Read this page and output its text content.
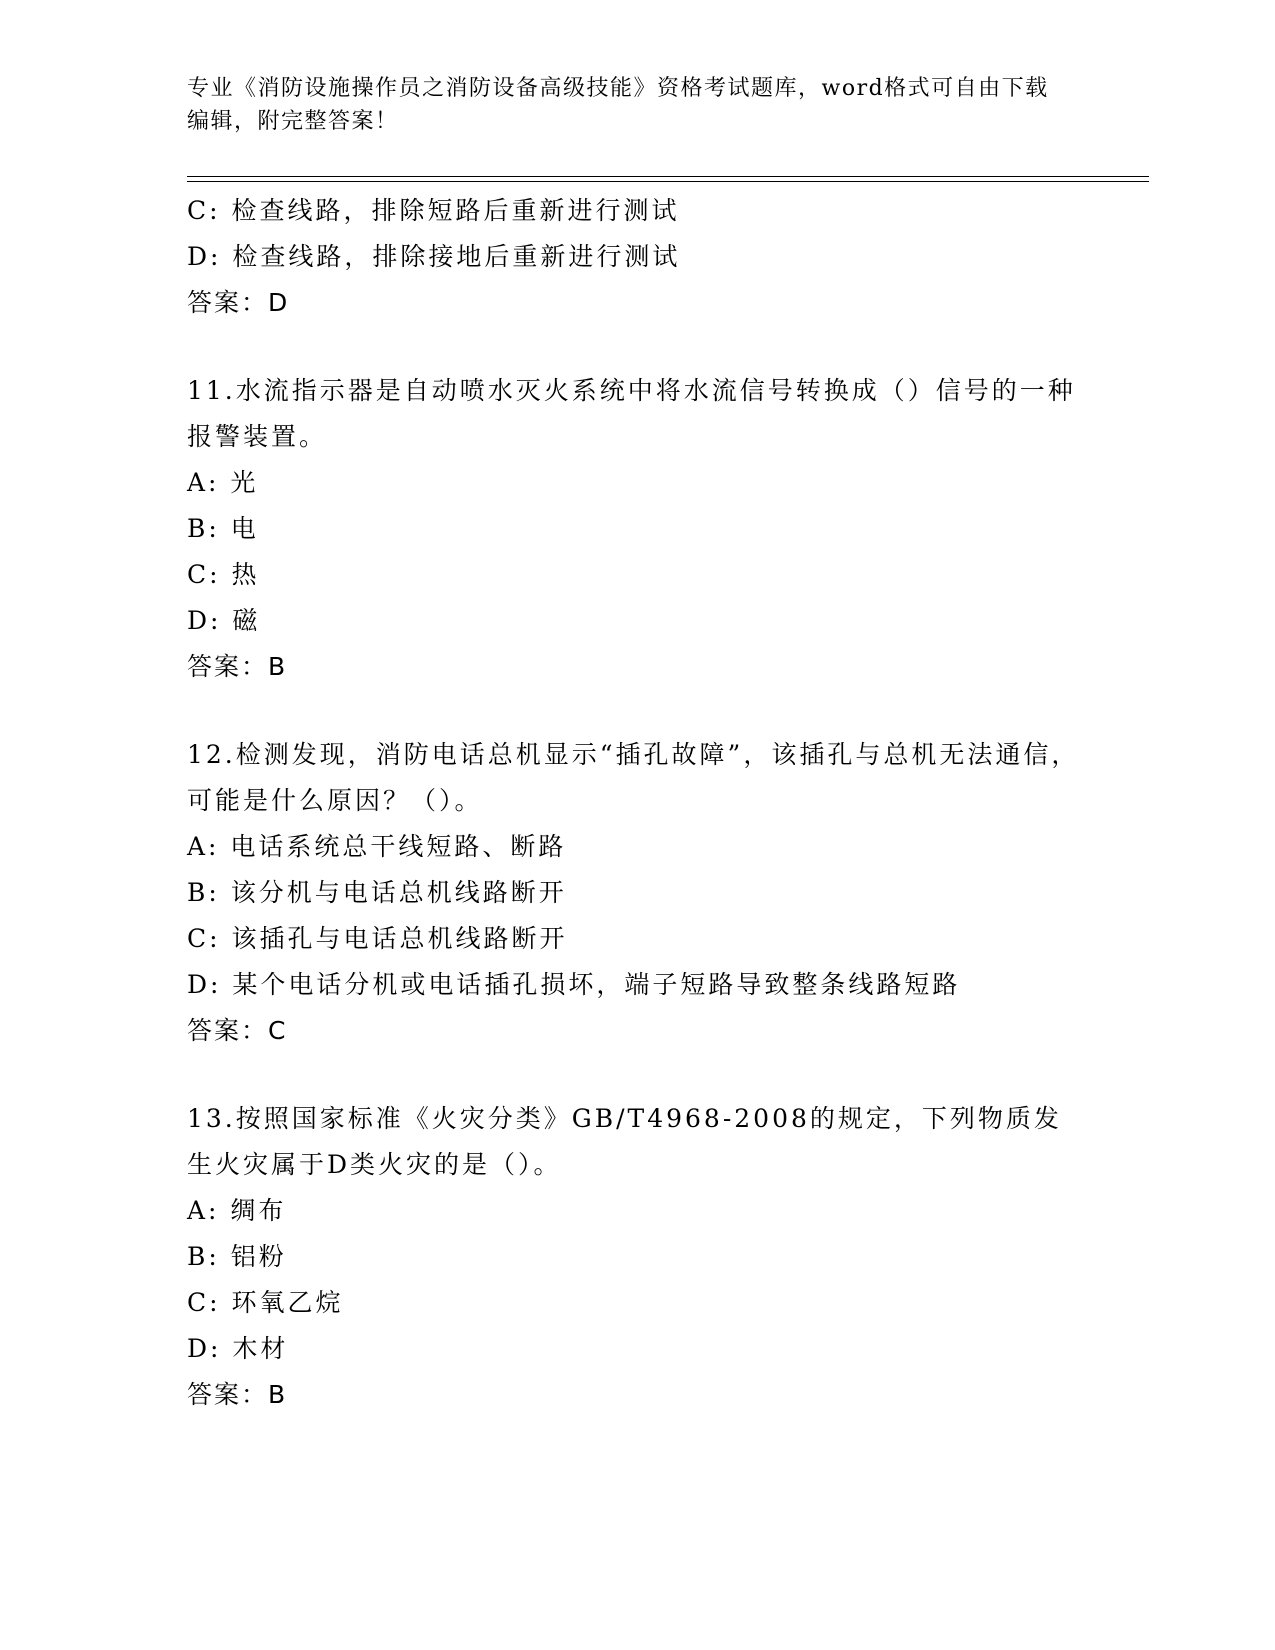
专业《消防设施操作员之消防设备高级技能》资格考试题库，word格式可自由下载编辑，附完整答案！
C: 检查线路，排除短路后重新进行测试
D: 检查线路，排除接地后重新进行测试
答案：D
11.水流指示器是自动喷水灭火系统中将水流信号转换成（）信号的一种报警装置。
A: 光
B: 电
C: 热
D: 磁
答案：B
12.检测发现，消防电话总机显示“插孔故障”，该插孔与总机无法通信，可能是什么原因？（）。
A: 电话系统总干线短路、断路
B: 该分机与电话总机线路断开
C: 该插孔与电话总机线路断开
D: 某个电话分机或电话插孔损坏，端子短路导致整条线路短路
答案：C
13.按照国家标准《火灾分类》GB/T4968-2008的规定，下列物质发生火灾属于D类火灾的是（）。
A: 绸布
B: 铝粉
C: 环氧乙烷
D: 木材
答案：B
